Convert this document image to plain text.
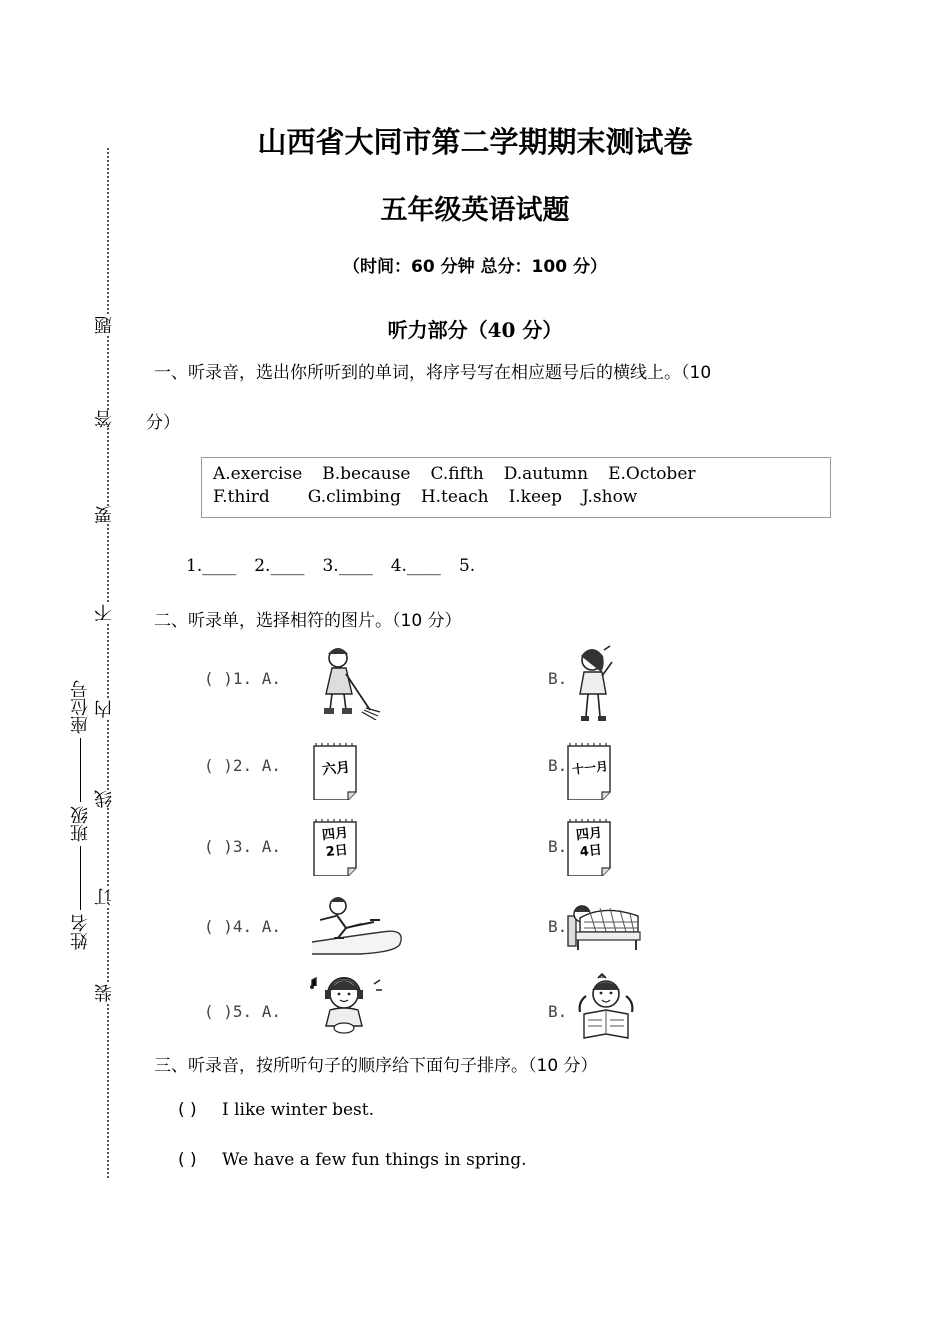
题
答
要
不
内
线
订
装
姓名班级座位号
山西省大同市第二学期期末测试卷
五年级英语试题
（时间：60 分钟 总分：100 分）
听力部分（40 分）
一、听录音，选出你所听到的单词，将序号写在相应题号后的横线上。（10
分）
A.exercise B.because C.fifth D.autumn E.October
F.third G.climbing H.teach I.keep J.show
1.____ 2.____ 3.____ 4.____ 5.
二、听录单，选择相符的图片。（10 分）
( )1. A.	B.
( )2. A.	六月	B. 十一月
( )3. A.
四月
2日	B.
四月
4日
( )4. A.	B.
( )5. A.	B.
三、听录音，按所听句子的顺序给下面句子排序。（10 分）
( ) I like winter best.
( ) We have a few fun things in spring.
